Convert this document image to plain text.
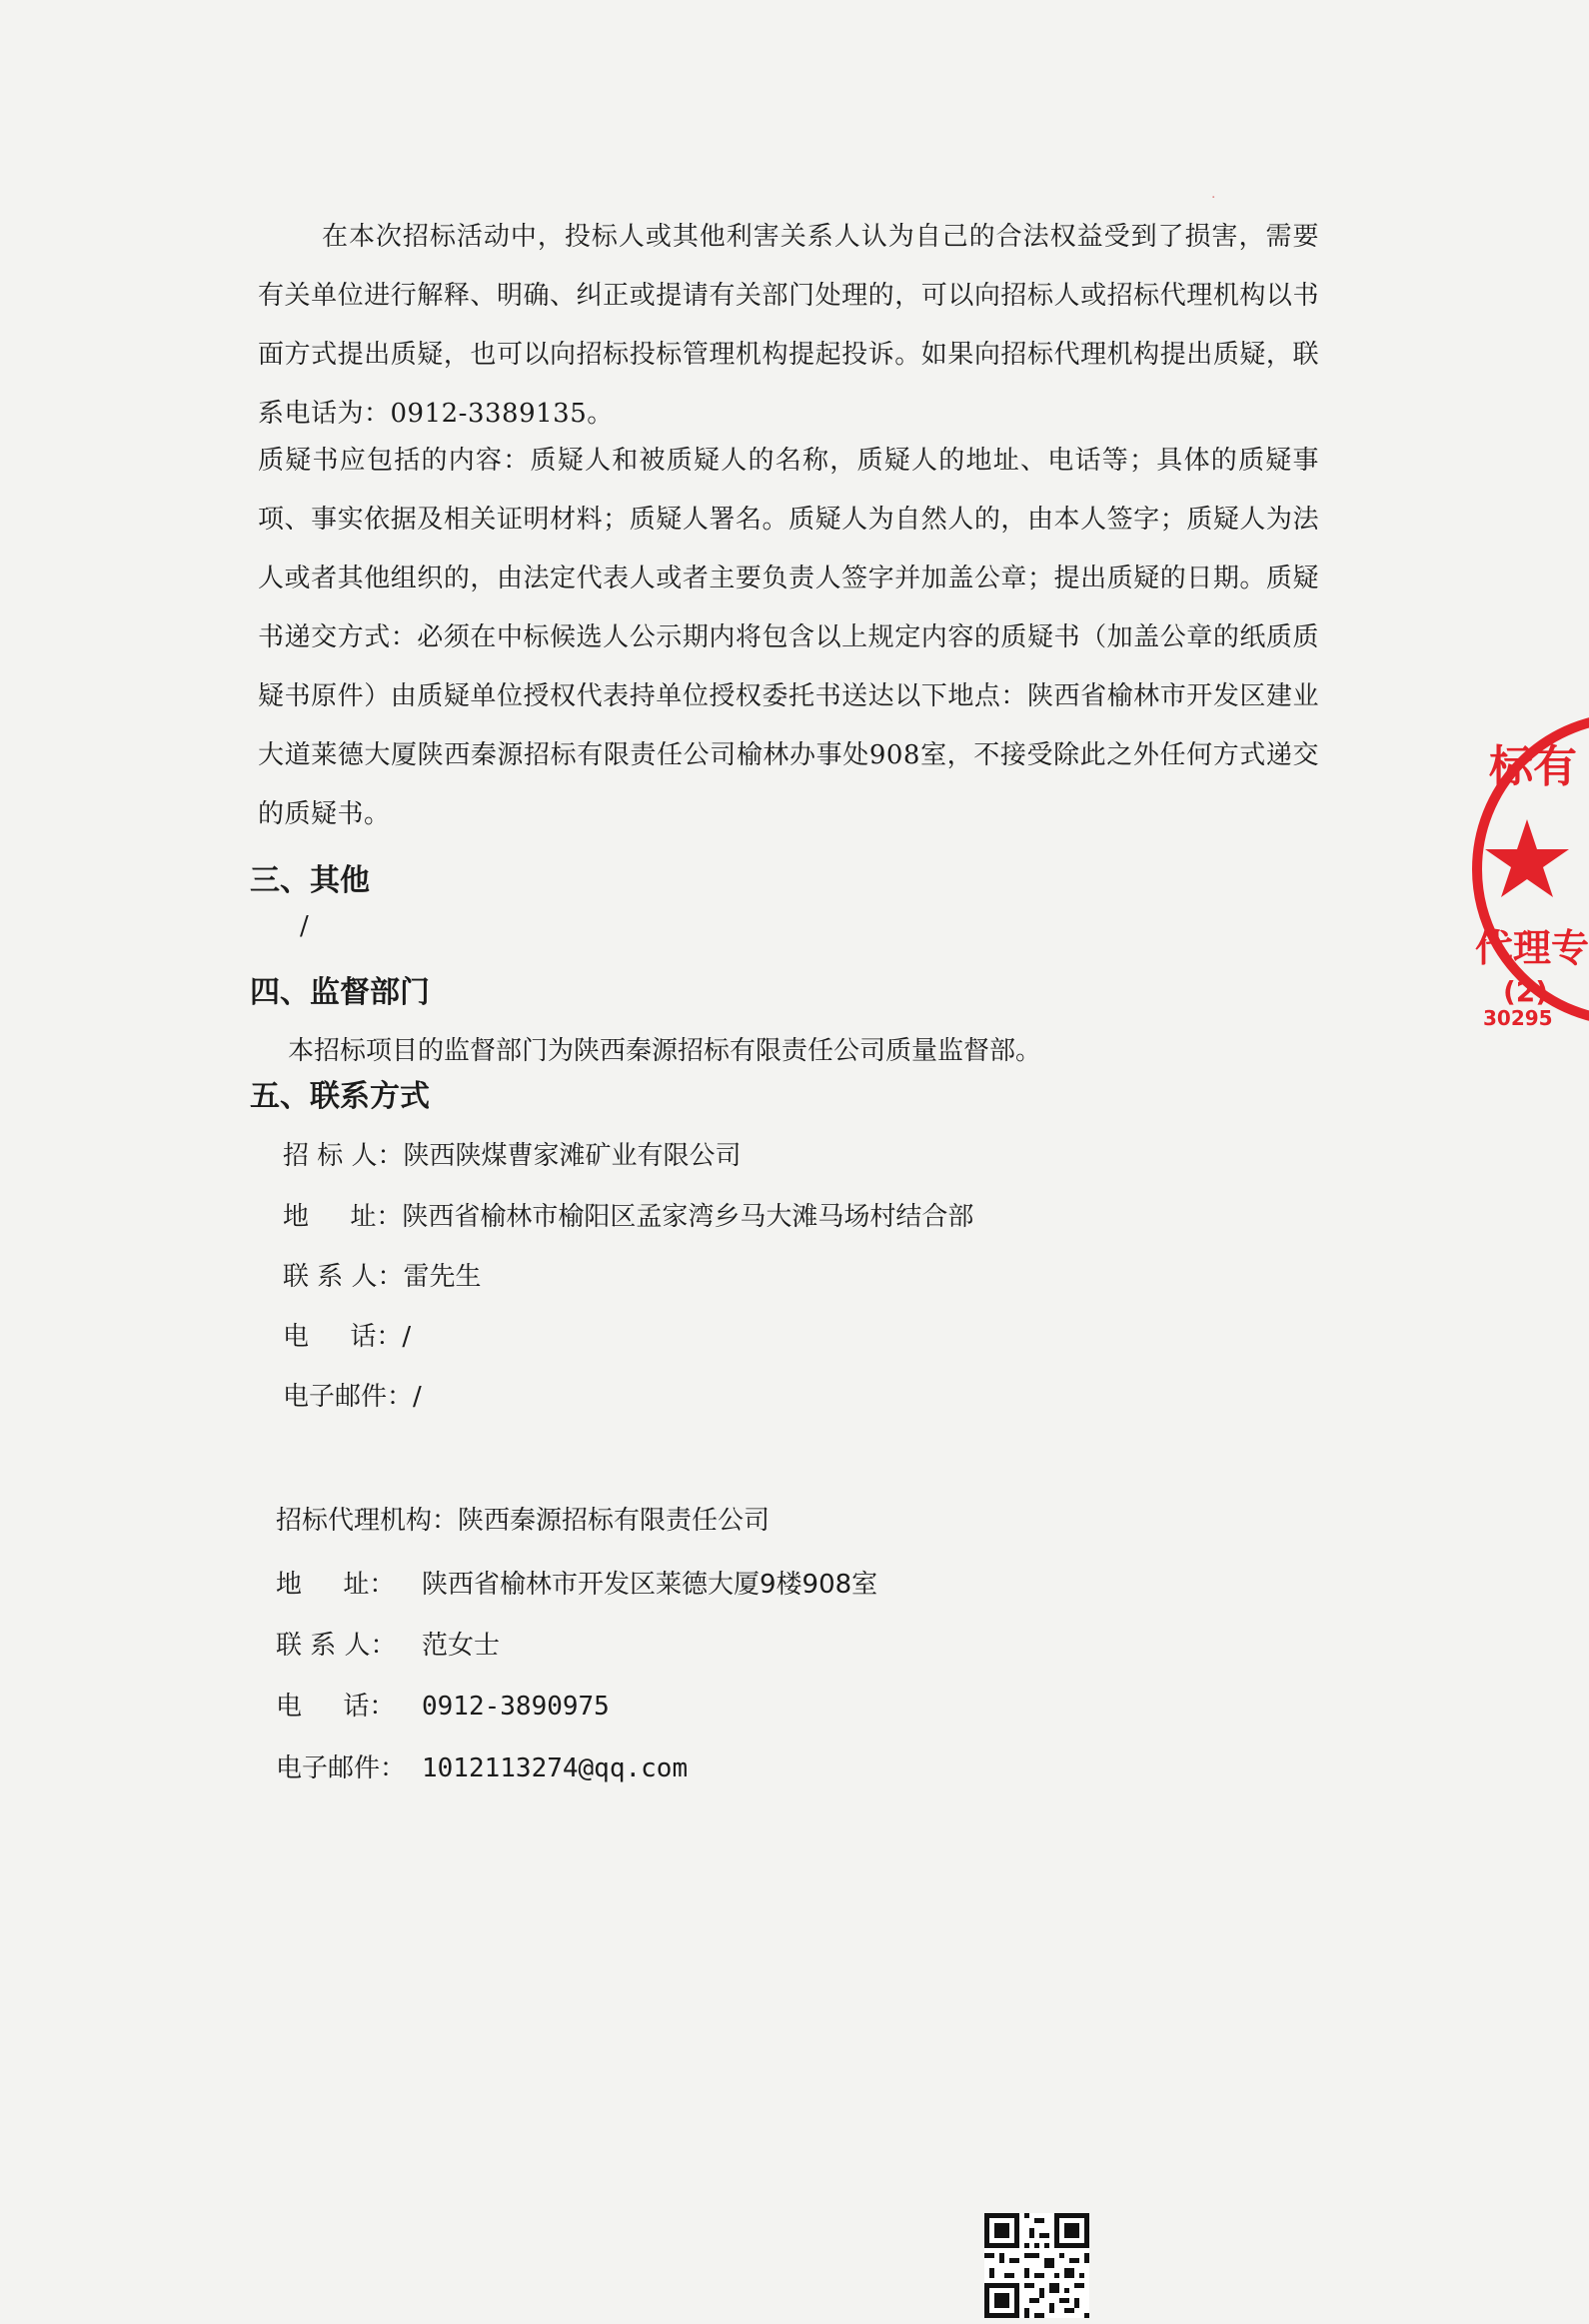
·
在本次招标活动中，投标人或其他利害关系人认为自己的合法权益受到了损害，需要有关单位进行解释、明确、纠正或提请有关部门处理的，可以向招标人或招标代理机构以书面方式提出质疑，也可以向招标投标管理机构提起投诉。如果向招标代理机构提出质疑，联系电话为：0912-3389135。
质疑书应包括的内容：质疑人和被质疑人的名称，质疑人的地址、电话等；具体的质疑事项、事实依据及相关证明材料；质疑人署名。质疑人为自然人的，由本人签字；质疑人为法人或者其他组织的，由法定代表人或者主要负责人签字并加盖公章；提出质疑的日期。质疑书递交方式：必须在中标候选人公示期内将包含以上规定内容的质疑书（加盖公章的纸质质疑书原件）由质疑单位授权代表持单位授权委托书送达以下地点：陕西省榆林市开发区建业大道莱德大厦陕西秦源招标有限责任公司榆林办事处908室，不接受除此之外任何方式递交的质疑书。
三、其他
/
四、监督部门
本招标项目的监督部门为陕西秦源招标有限责任公司质量监督部。
五、联系方式
招 标 人： 陕西陕煤曹家滩矿业有限公司
地     址： 陕西省榆林市榆阳区孟家湾乡马大滩马场村结合部
联 系 人： 雷先生
电     话： /
电子邮件： /
招标代理机构： 陕西秦源招标有限责任公司
地     址：	陕西省榆林市开发区莱德大厦9楼908室
联 系 人： 范女士
电     话：	0912-3890975
电子邮件： 1012113274@qq.com
标有
代理专
(2)
30295
